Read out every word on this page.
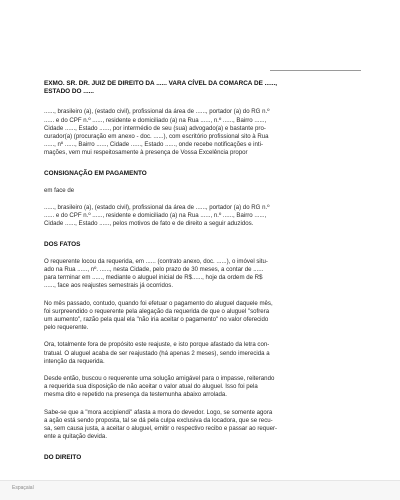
EXMO. SR. DR. JUIZ DE DIREITO DA ...... VARA CÍVEL DA COMARCA DE ......,
ESTADO DO ......

......, brasileiro (a), (estado civil), profissional da área de ......, portador (a) do RG n.º
...... e do CPF n.º ......, residente e domiciliado (a) na Rua ......, n.º ......, Bairro ......,
Cidade ......, Estado ......, por intermédio de seu (sua) advogado(a) e bastante pro-
curador(a) (procuração em anexo - doc. ......), com escritório profissional sito à Rua
......, nº ......, Bairro ......, Cidade ......, Estado ......, onde recebe notificações e inti-
mações, vem mui respeitosamente à presença de Vossa Excelência propor

CONSIGNAÇÃO EM PAGAMENTO

em face de

......, brasileiro (a), (estado civil), profissional da área de ......, portador (a) do RG n.º
...... e do CPF n.º ......, residente e domiciliado (a) na Rua ......, n.º ......, Bairro ......,
Cidade ......, Estado ......, pelos motivos de fato e de direito a seguir aduzidos.

DOS FATOS

O requerente locou da requerida, em ...... (contrato anexo, doc. ......), o imóvel situ-
ado na Rua ......, nº. ......, nesta Cidade, pelo prazo de 30 meses, a contar de ......
para terminar em ......, mediante o aluguel inicial de R$......, hoje da ordem de R$
......, face aos reajustes semestrais já ocorridos.

No mês passado, contudo, quando foi efetuar o pagamento do aluguel daquele mês,
foi surpreendido o requerente pela alegação da requerida de que o aluguel "sofrera
um aumento", razão pela qual ela "não iria aceitar o pagamento" no valor oferecido
pelo requerente.

Ora, totalmente fora de propósito este reajuste, e isto porque afastado da letra con-
tratual. O aluguel acaba de ser reajustado (há apenas 2 meses), sendo imerecida a
intenção da requerida.

Desde então, buscou o requerente uma solução amigável para o impasse, reiterando
a requerida sua disposição de não aceitar o valor atual do aluguel. Isso foi pela
mesma dito e repetido na presença da testemunha abaixo arrolada.

Sabe-se que a "mora accipiendi" afasta a mora do devedor. Logo, se somente agora
a ação está sendo proposta, tal se dá pela culpa exclusiva da locadora, que se recu-
sa, sem causa justa, a aceitar o aluguel, emitir o respectivo recibo e passar ao requer-
ente a quitação devida.

DO DIREITO

Espaçaial
